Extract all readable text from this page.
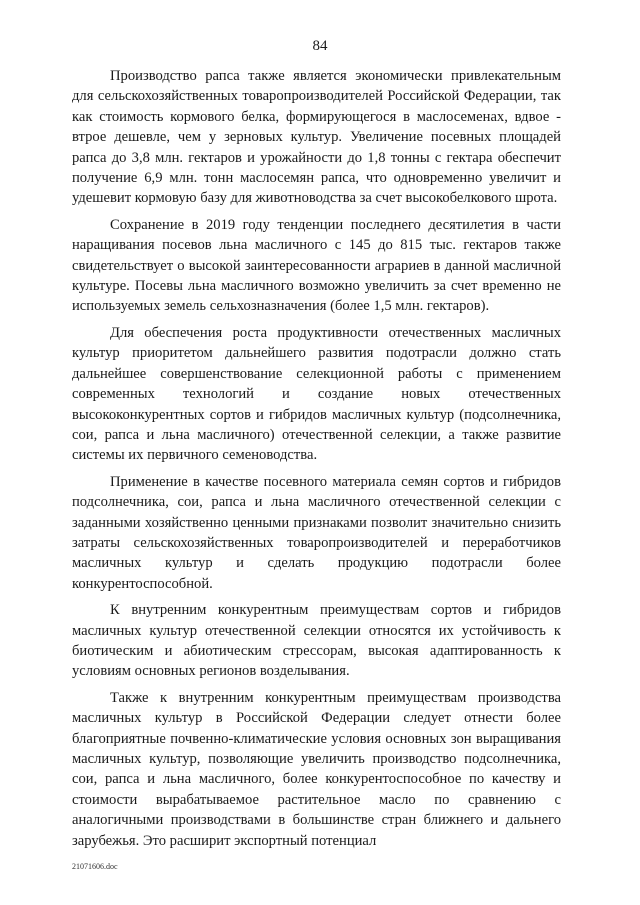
84

Производство рапса также является экономически привлекательным для сельскохозяйственных товаропроизводителей Российской Федерации, так как стоимость кормового белка, формирующегося в маслосеменах, вдвое - втрое дешевле, чем у зерновых культур. Увеличение посевных площадей рапса до 3,8 млн. гектаров и урожайности до 1,8 тонны с гектара обеспечит получение 6,9 млн. тонн маслосемян рапса, что одновременно увеличит и удешевит кормовую базу для животноводства за счет высокобелкового шрота.

Сохранение в 2019 году тенденции последнего десятилетия в части наращивания посевов льна масличного с 145 до 815 тыс. гектаров также свидетельствует о высокой заинтересованности аграриев в данной масличной культуре. Посевы льна масличного возможно увеличить за счет временно не используемых земель сельхозназначения (более 1,5 млн. гектаров).

Для обеспечения роста продуктивности отечественных масличных культур приоритетом дальнейшего развития подотрасли должно стать дальнейшее совершенствование селекционной работы с применением современных технологий и создание новых отечественных высококонкурентных сортов и гибридов масличных культур (подсолнечника, сои, рапса и льна масличного) отечественной селекции, а также развитие системы их первичного семеноводства.

Применение в качестве посевного материала семян сортов и гибридов подсолнечника, сои, рапса и льна масличного отечественной селекции с заданными хозяйственно ценными признаками позволит значительно снизить затраты сельскохозяйственных товаропроизводителей и переработчиков масличных культур и сделать продукцию подотрасли более конкурентоспособной.

К внутренним конкурентным преимуществам сортов и гибридов масличных культур отечественной селекции относятся их устойчивость к биотическим и абиотическим стрессорам, высокая адаптированность к условиям основных регионов возделывания.

Также к внутренним конкурентным преимуществам производства масличных культур в Российской Федерации следует отнести более благоприятные почвенно-климатические условия основных зон выращивания масличных культур, позволяющие увеличить производство подсолнечника, сои, рапса и льна масличного, более конкурентоспособное по качеству и стоимости вырабатываемое растительное масло по сравнению с аналогичными производствами в большинстве стран ближнего и дальнего зарубежья. Это расширит экспортный потенциал

21071606.doc
